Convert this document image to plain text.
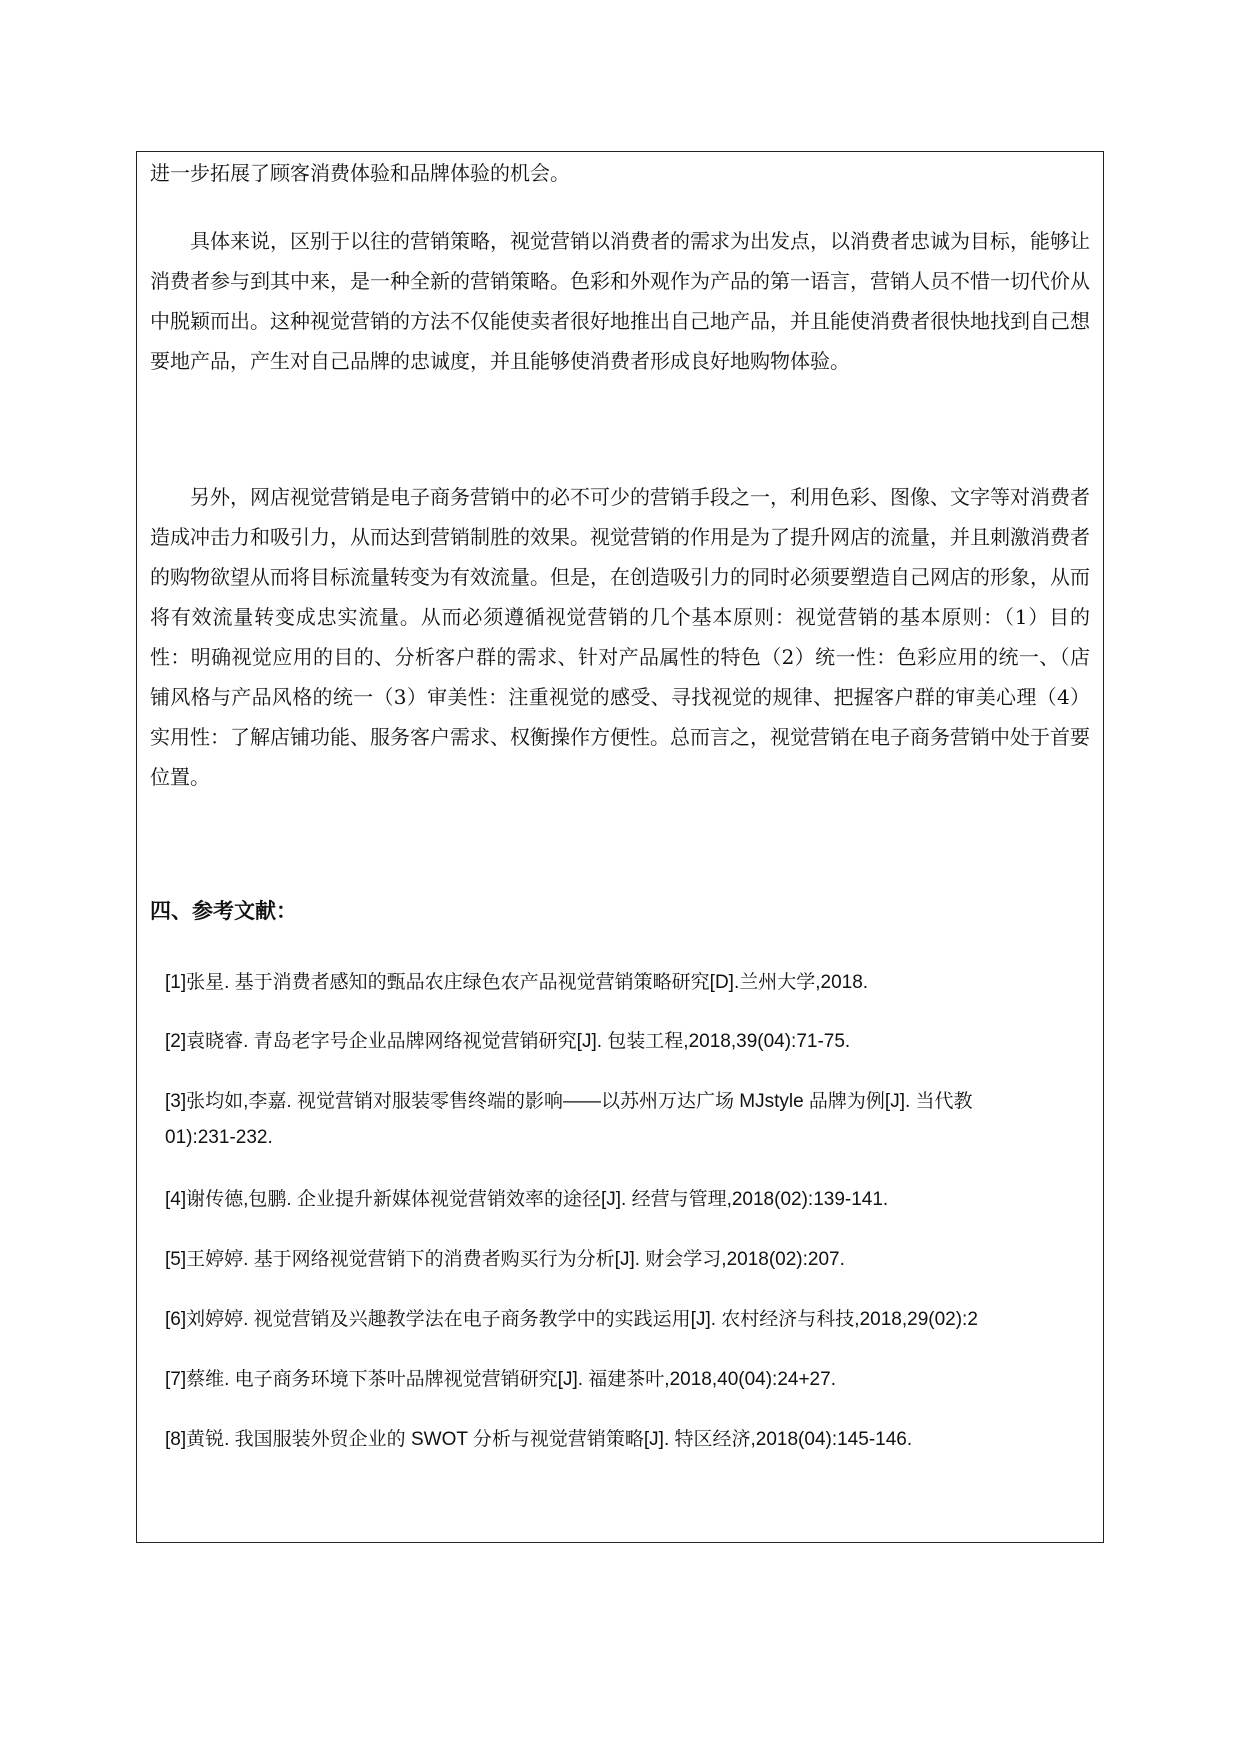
进一步拓展了顾客消费体验和品牌体验的机会。

具体来说，区别于以往的营销策略，视觉营销以消费者的需求为出发点，以消费者忠诚为目标，能够让消费者参与到其中来，是一种全新的营销策略。色彩和外观作为产品的第一语言，营销人员不惜一切代价从中脱颖而出。这种视觉营销的方法不仅能使卖者很好地推出自己地产品，并且能使消费者很快地找到自己想要地产品，产生对自己品牌的忠诚度，并且能够使消费者形成良好地购物体验。

另外，网店视觉营销是电子商务营销中的必不可少的营销手段之一，利用色彩、图像、文字等对消费者造成冲击力和吸引力，从而达到营销制胜的效果。视觉营销的作用是为了提升网店的流量，并且刺激消费者的购物欲望从而将目标流量转变为有效流量。但是，在创造吸引力的同时必须要塑造自己网店的形象，从而将有效流量转变成忠实流量。从而必须遵循视觉营销的几个基本原则：视觉营销的基本原则：（1）目的性：明确视觉应用的目的、分析客户群的需求、针对产品属性的特色（2）统一性：色彩应用的统一、（店铺风格与产品风格的统一（3）审美性：注重视觉的感受、寻找视觉的规律、把握客户群的审美心理（4）实用性：了解店铺功能、服务客户需求、权衡操作方便性。总而言之，视觉营销在电子商务营销中处于首要位置。

四、参考文献：

[1]张星. 基于消费者感知的甄品农庄绿色农产品视觉营销策略研究[D].兰州大学,2018.

[2]袁晓睿. 青岛老字号企业品牌网络视觉营销研究[J]. 包装工程,2018,39(04):71-75.

[3]张均如,李嘉. 视觉营销对服装零售终端的影响——以苏州万达广场 MJstyle 品牌为例[J]. 当代教
01):231-232.

[4]谢传德,包鹏. 企业提升新媒体视觉营销效率的途径[J]. 经营与管理,2018(02):139-141.

[5]王婷婷. 基于网络视觉营销下的消费者购买行为分析[J]. 财会学习,2018(02):207.

[6]刘婷婷. 视觉营销及兴趣教学法在电子商务教学中的实践运用[J]. 农村经济与科技,2018,29(02):2

[7]蔡维. 电子商务环境下茶叶品牌视觉营销研究[J]. 福建茶叶,2018,40(04):24+27.

[8]黄锐. 我国服装外贸企业的 SWOT 分析与视觉营销策略[J]. 特区经济,2018(04):145-146.
